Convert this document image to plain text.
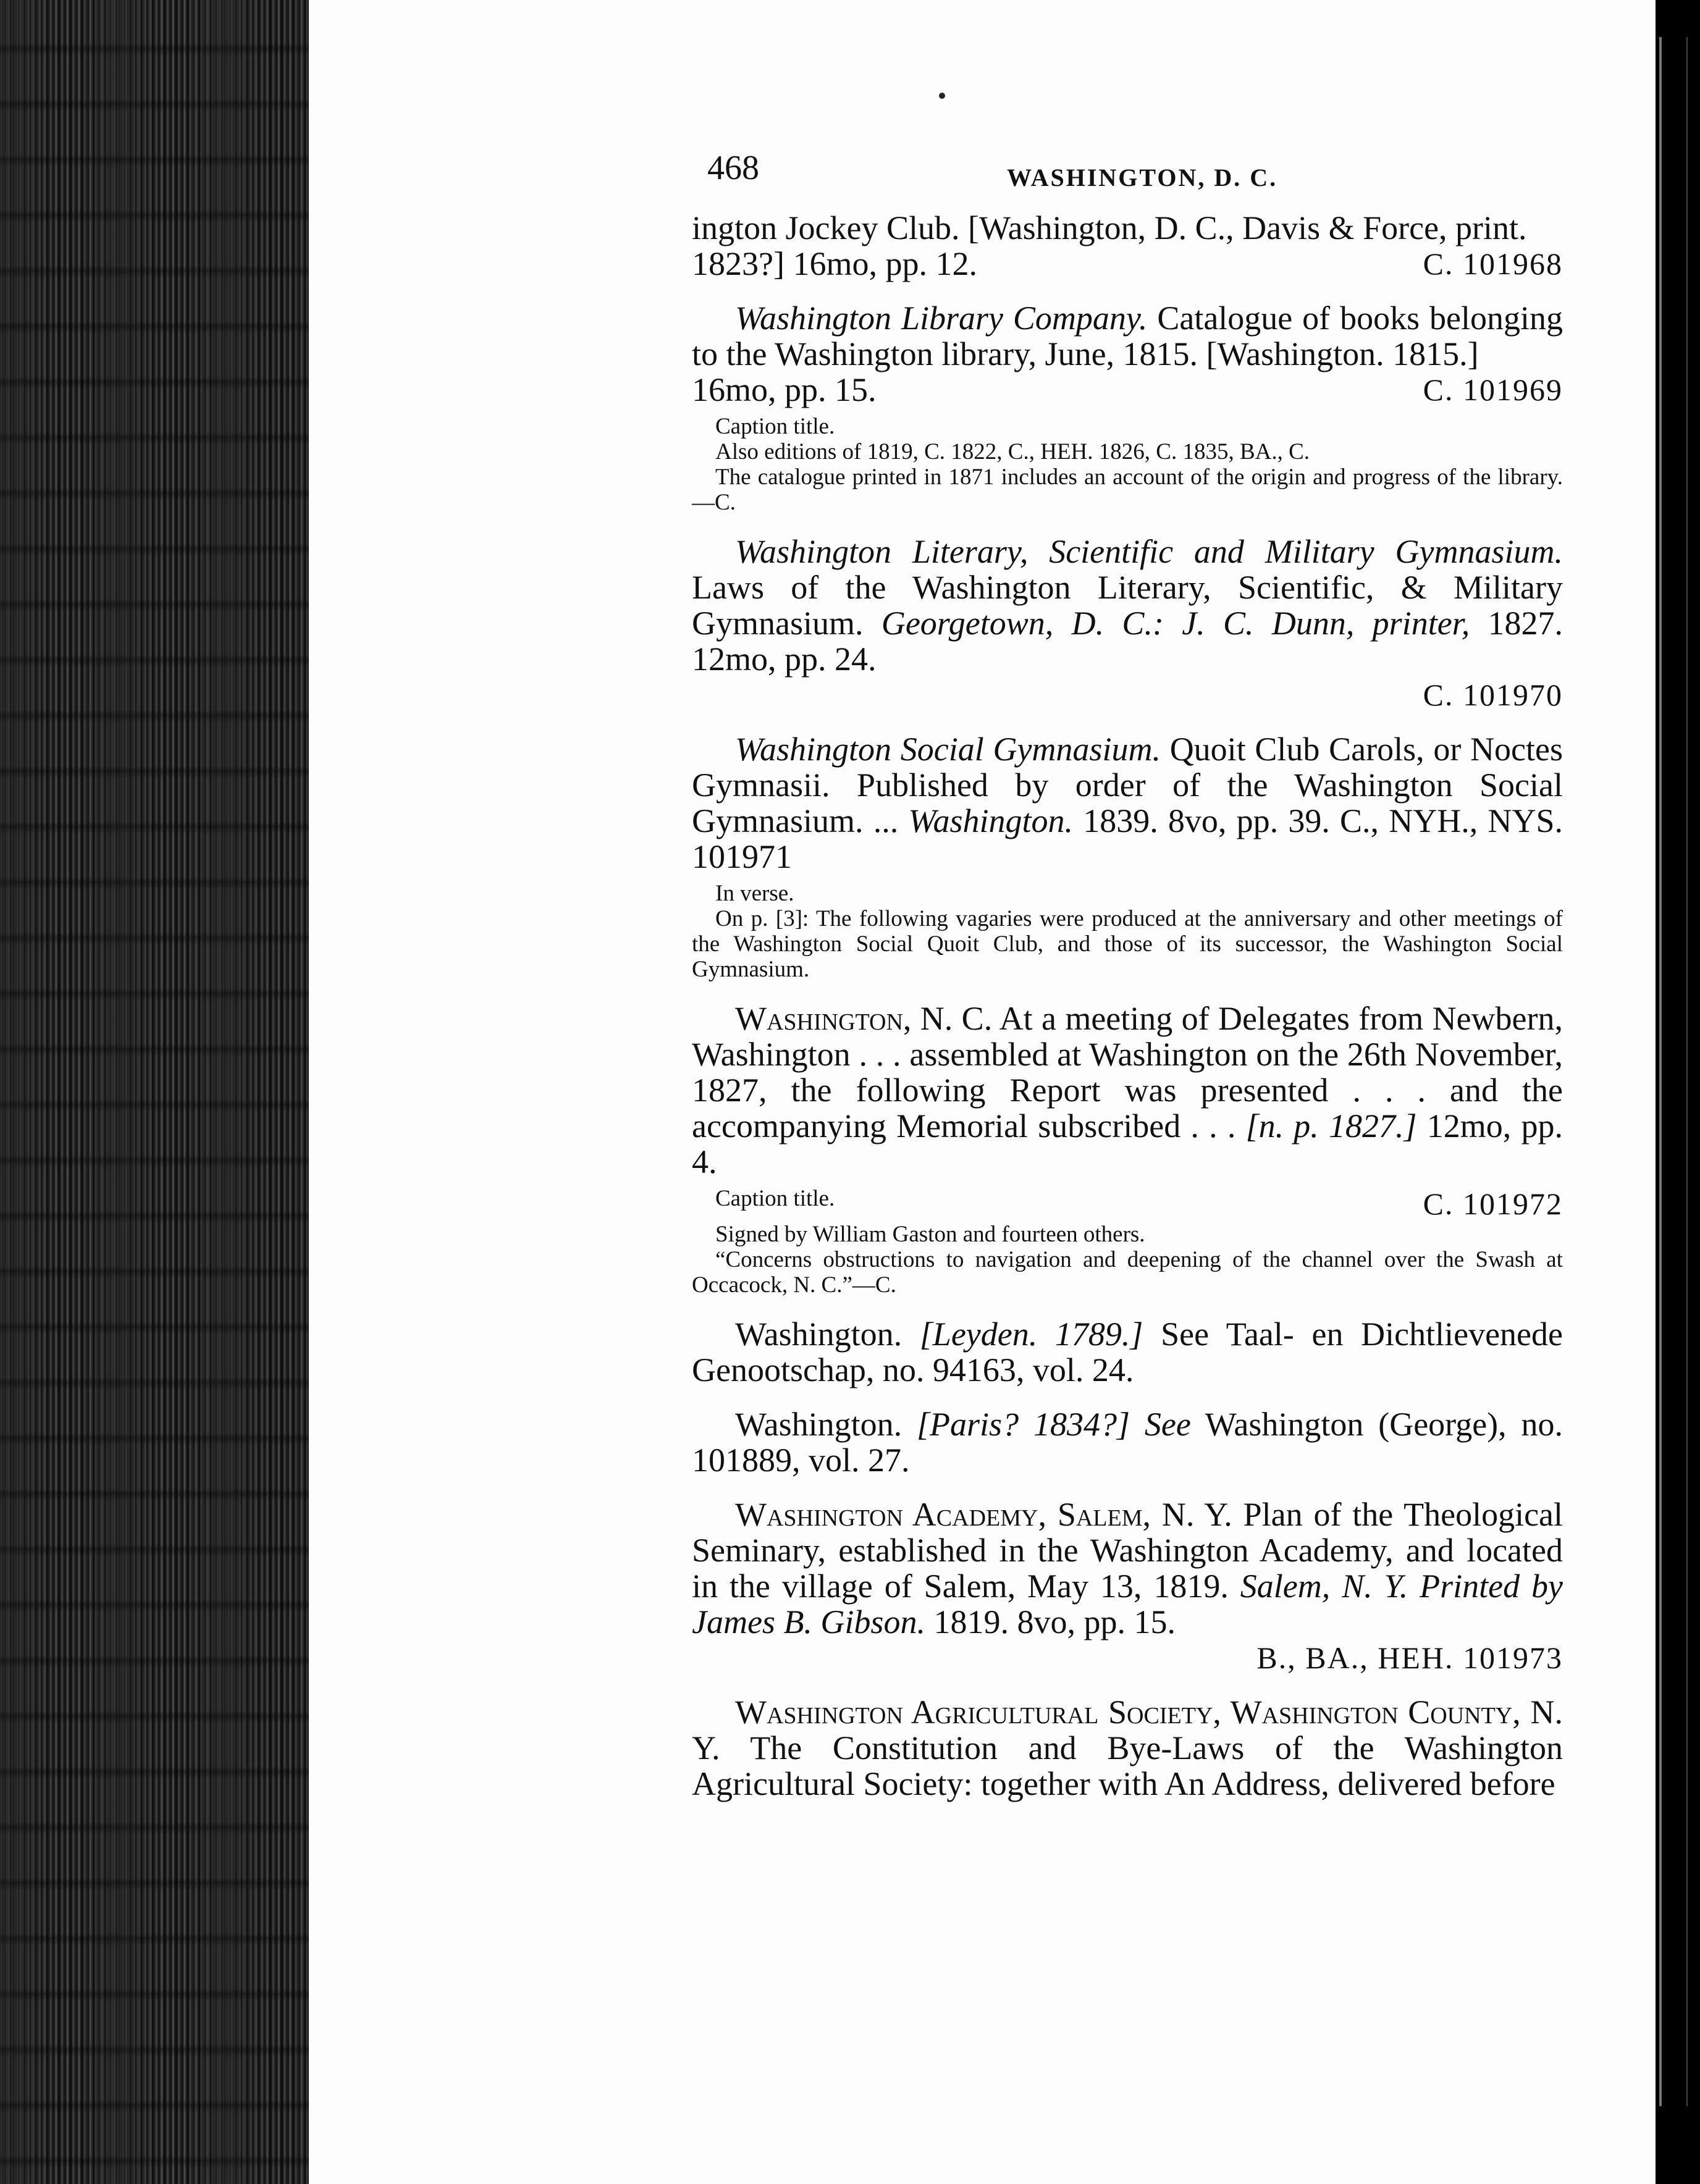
468	WASHINGTON, D. C.

ington Jockey Club. [Washington, D. C., Davis & Force, print.

1823?] 16mo, pp. 12.	C. 101968

Washington Library Company. Catalogue of books belonging to the Washington library, June, 1815. [Washington. 1815.]

16mo, pp. 15.	C. 101969
Caption title.
Also editions of 1819, C. 1822, C., HEH. 1826, C. 1835, BA., C.
The catalogue printed in 1871 includes an account of the origin and progress of the library.—C.

Washington Literary, Scientific and Military Gymnasium. Laws of the Washington Literary, Scientific, & Military Gymnasium. Georgetown, D. C.: J. C. Dunn, printer, 1827. 12mo, pp. 24.

C. 101970

Washington Social Gymnasium. Quoit Club Carols, or Noctes Gymnasii. Published by order of the Washington Social Gymnasium. ... Washington. 1839. 8vo, pp. 39. C., NYH., NYS. 101971

In verse.
On p. [3]: The following vagaries were produced at the anniversary and other meetings of the Washington Social Quoit Club, and those of its successor, the Washington Social Gymnasium.

Washington, N. C. At a meeting of Delegates from Newbern, Washington . . . assembled at Washington on the 26th November, 1827, the following Report was presented . . . and the accompanying Memorial subscribed . . . [n. p. 1827.] 12mo, pp. 4.

Caption title.	C. 101972
Signed by William Gaston and fourteen others.
“Concerns obstructions to navigation and deepening of the channel over the Swash at Occacock, N. C.”—C.

Washington. [Leyden. 1789.] See Taal- en Dichtlievenede Genootschap, no. 94163, vol. 24.

Washington. [Paris? 1834?] See Washington (George), no. 101889, vol. 27.

Washington Academy, Salem, N. Y. Plan of the Theological Seminary, established in the Washington Academy, and located in the village of Salem, May 13, 1819. Salem, N. Y. Printed by James B. Gibson. 1819. 8vo, pp. 15.

B., BA., HEH. 101973

Washington Agricultural Society, Washington County, N. Y. The Constitution and Bye-Laws of the Washington Agricultural Society: together with An Address, delivered before
